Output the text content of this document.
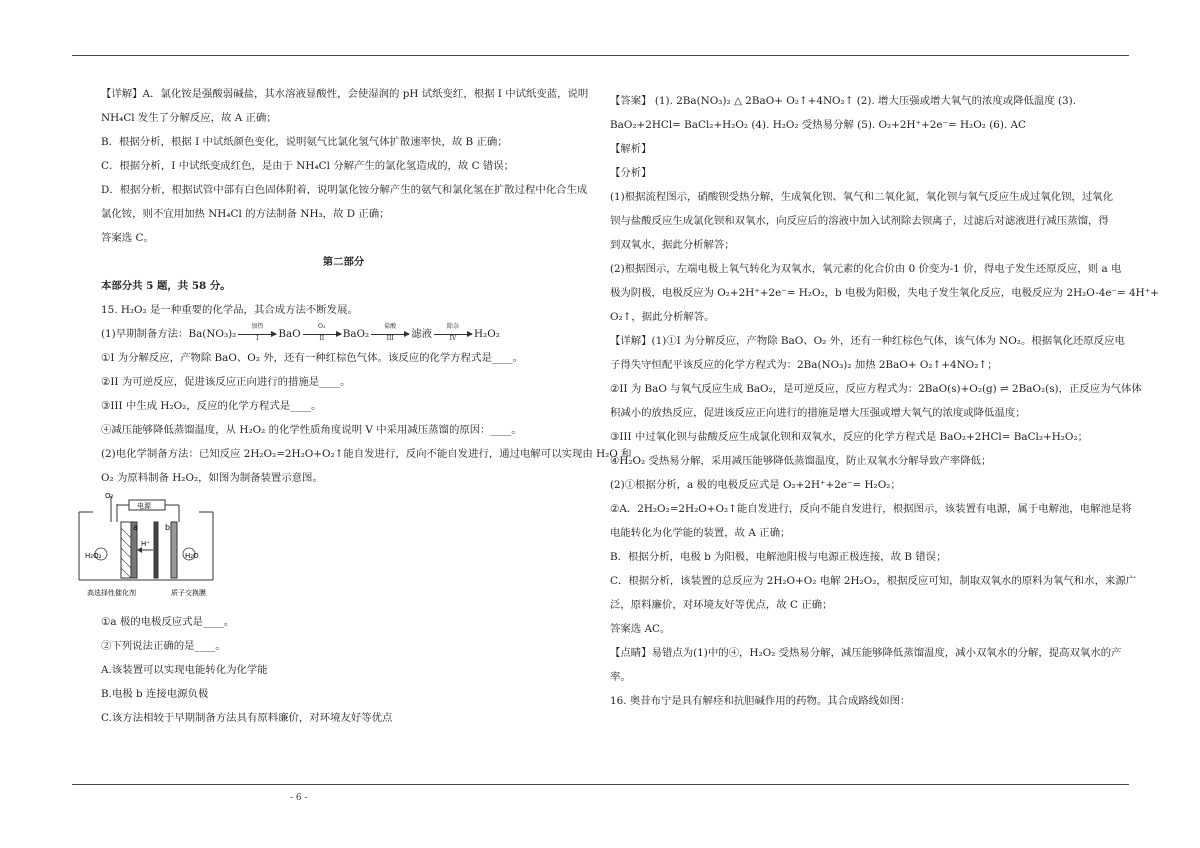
【详解】A．氯化铵是强酸弱碱盐，其水溶液显酸性，会使湿润的 pH 试纸变红，根据 I 中试纸变蓝，说明

NH₄Cl 发生了分解反应，故 A 正确；

B．根据分析，根据 I 中试纸颜色变化，说明氨气比氯化氢气体扩散速率快，故 B 正确；

C．根据分析，I 中试纸变成红色，是由于 NH₄Cl 分解产生的氯化氢造成的，故 C 错误；

D．根据分析，根据试管中部有白色固体附着，说明氯化铵分解产生的氨气和氯化氢在扩散过程中化合生成

氯化铵，则不宜用加热 NH₄Cl 的方法制备 NH₃，故 D 正确；

答案选 C。

第二部分

本部分共 5 题，共 58 分。

15. H₂O₂ 是一种重要的化学品，其合成方法不断发展。

(1)早期制备方法：Ba(NO₃)₂
加热
I	BaO $\frac{\text{O₂}}{II} BaO_2$
盐酸
III	滤液
除杂
IV	H₂O₂

①I 为分解反应，产物除 BaO、O₂ 外，还有一种红棕色气体。该反应的化学方程式是____。

②II 为可逆反应，促进该反应正向进行的措施是____。

③III 中生成 H₂O₂，反应的化学方程式是____。

④减压能够降低蒸馏温度，从 H₂O₂ 的化学性质角度说明 V 中采用减压蒸馏的原因：____。

(2)电化学制备方法：已知反应 2H₂O₂=2H₂O+O₂↑能自发进行，反向不能自发进行，通过电解可以实现由 H₂O 和

O₂ 为原料制备 H₂O₂，如图为制备装置示意图。

a	b
H⁺
O₂
电源
H₂O₂	H₂O
高选择性催化剂	质子交换膜

①a 极的电极反应式是____。

②下列说法正确的是____。

A.该装置可以实现电能转化为化学能

B.电极 b 连接电源负极

C.该方法相较于早期制备方法具有原料廉价，对环境友好等优点

【答案】 (1). 2Ba(NO₃)₂ △ 2BaO+ O₂↑+4NO₂↑ (2). 增大压强或增大氧气的浓度或降低温度 (3).

BaO₂+2HCl= BaCl₂+H₂O₂ (4). H₂O₂ 受热易分解 (5). O₂+2H⁺+2e⁻= H₂O₂ (6). AC

【解析】

【分析】

(1)根据流程图示，硝酸钡受热分解，生成氧化钡、氧气和二氧化氮，氧化钡与氧气反应生成过氧化钡，过氧化

钡与盐酸反应生成氯化钡和双氧水，向反应后的溶液中加入试剂除去钡离子，过滤后对滤液进行减压蒸馏，得

到双氧水，据此分析解答；

(2)根据图示，左端电极上氧气转化为双氧水，氧元素的化合价由 0 价变为-1 价，得电子发生还原反应，则 a 电

极为阴极，电极反应为 O₂+2H⁺+2e⁻= H₂O₂，b 电极为阳极，失电子发生氧化反应，电极反应为 2H₂O-4e⁻= 4H⁺+

O₂↑，据此分析解答。

【详解】(1)①I 为分解反应，产物除 BaO、O₂ 外，还有一种红棕色气体，该气体为 NO₂。根据氧化还原反应电

子得失守恒配平该反应的化学方程式为：2Ba(NO₃)₂ 加热 2BaO+ O₂↑+4NO₂↑；

②II 为 BaO 与氧气反应生成 BaO₂，是可逆反应，反应方程式为：2BaO(s)+O₂(g) ⇌ 2BaO₂(s)，正反应为气体体

积减小的放热反应，促进该反应正向进行的措施是增大压强或增大氧气的浓度或降低温度；

③III 中过氧化钡与盐酸反应生成氯化钡和双氧水，反应的化学方程式是 BaO₂+2HCl= BaCl₂+H₂O₂；

④H₂O₂ 受热易分解，采用减压能够降低蒸馏温度，防止双氧水分解导致产率降低；

(2)①根据分析，a 极的电极反应式是 O₂+2H⁺+2e⁻= H₂O₂；

②A．2H₂O₂=2H₂O+O₂↑能自发进行，反向不能自发进行，根据图示，该装置有电源，属于电解池，电解池是将

电能转化为化学能的装置，故 A 正确；

B．根据分析，电极 b 为阳极，电解池阳极与电源正极连接，故 B 错误；

C．根据分析，该装置的总反应为 2H₂O+O₂ 电解 2H₂O₂，根据反应可知，制取双氧水的原料为氧气和水，来源广

泛，原料廉价，对环境友好等优点，故 C 正确；

答案选 AC。

【点睛】易错点为(1)中的④，H₂O₂ 受热易分解，减压能够降低蒸馏温度，减小双氧水的分解，提高双氧水的产

率。

16. 奥昔布宁是具有解痉和抗胆碱作用的药物。其合成路线如图：

- 6 -
